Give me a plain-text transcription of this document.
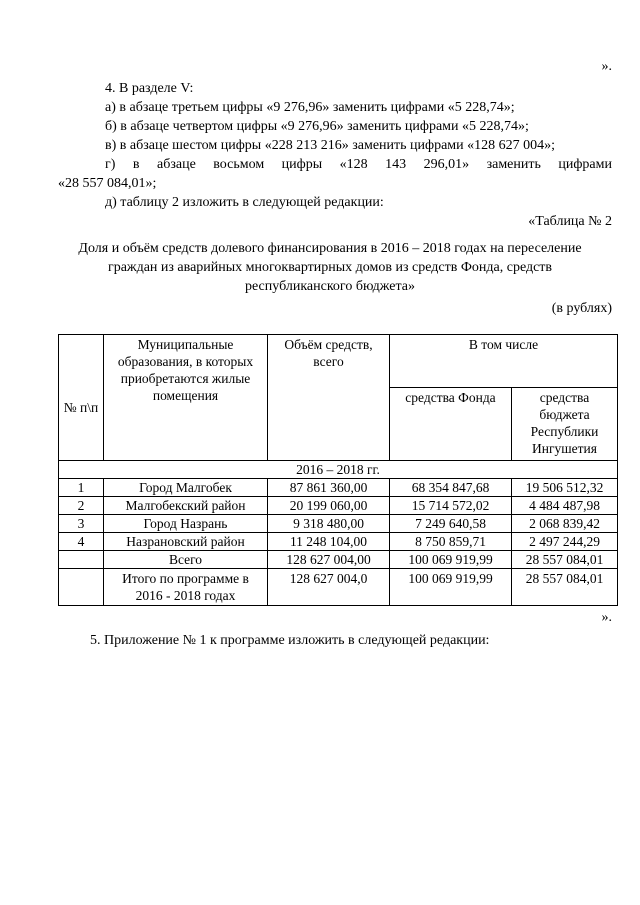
».
4. В разделе V:
а) в абзаце третьем цифры «9 276,96» заменить цифрами «5 228,74»;
б) в абзаце четвертом цифры «9 276,96» заменить цифрами «5 228,74»;
в) в абзаце шестом цифры «228 213 216» заменить цифрами «128 627 004»;
г) в абзаце восьмом цифры «128 143 296,01» заменить цифрами
«28 557 084,01»;
д) таблицу 2 изложить в следующей редакции:
«Таблица № 2
Доля и объём средств долевого финансирования в 2016 – 2018 годах на переселение
граждан из аварийных многоквартирных домов из средств Фонда, средств
республиканского бюджета»
(в рублях)
№ п\п	Муниципальные образования, в которых приобретаются жилые помещения	Объём средств, всего	В том числе	
			средства Фонда	средства бюджета Республики Ингушетия
2016 – 2018 гг.				
1	Город Малгобек	87 861 360,00	68 354 847,68	19 506 512,32
2	Малгобекский район	20 199 060,00	15 714 572,02	4 484 487,98
3	Город Назрань	9 318 480,00	7 249 640,58	2 068 839,42
4	Назрановский район	11 248 104,00	8 750 859,71	2 497 244,29
	Всего	128 627 004,00	100 069 919,99	28 557 084,01
	Итого по программе в 2016 - 2018 годах	128 627 004,0	100 069 919,99	28 557 084,01
».
5. Приложение № 1 к программе изложить в следующей редакции:
